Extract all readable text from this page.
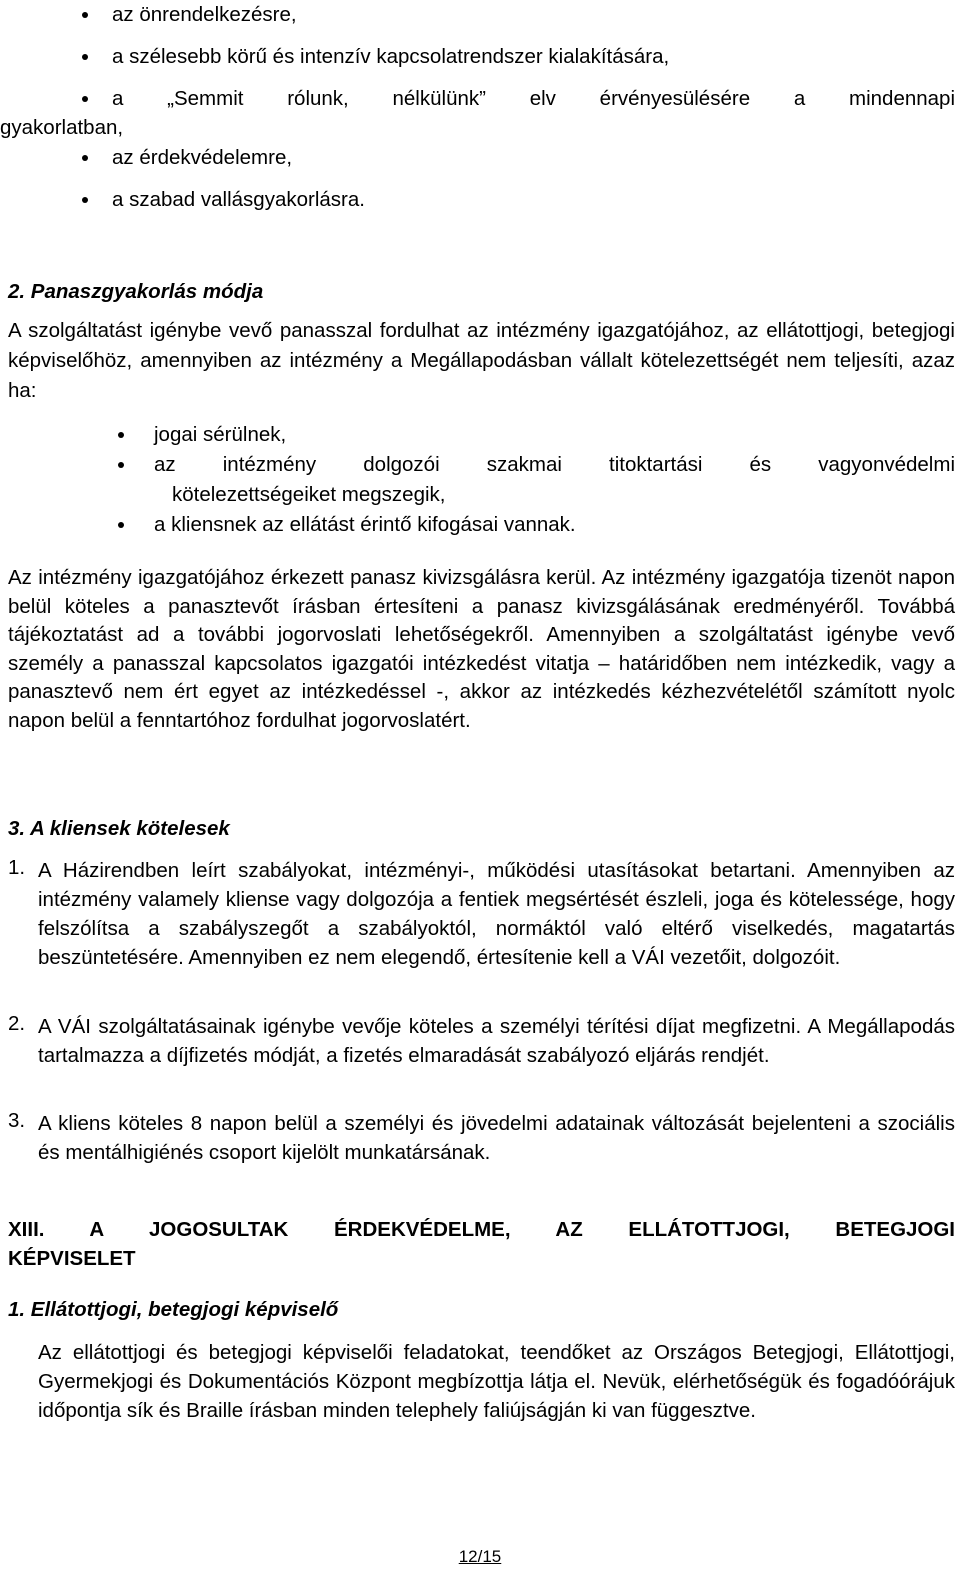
az önrendelkezésre,
a szélesebb körű és intenzív kapcsolatrendszer kialakítására,
a „Semmit rólunk, nélkülünk” elv érvényesülésére a mindennapi
gyakorlatban,
az érdekvédelemre,
a szabad vallásgyakorlásra.
2. Panaszgyakorlás módja
A szolgáltatást igénybe vevő panasszal fordulhat az intézmény igazgatójához, az ellátottjogi, betegjogi képviselőhöz, amennyiben az intézmény a Megállapodásban vállalt kötelezettségét nem teljesíti, azaz ha:
jogai sérülnek,
az intézmény dolgozói szakmai titoktartási és vagyonvédelmi
kötelezettségeiket megszegik,
a kliensnek az ellátást érintő kifogásai vannak.
Az intézmény igazgatójához érkezett panasz kivizsgálásra kerül. Az intézmény igazgatója tizenöt napon belül köteles a panasztevőt írásban értesíteni a panasz kivizsgálásának eredményéről. Továbbá tájékoztatást ad a további jogorvoslati lehetőségekről. Amennyiben a szolgáltatást igénybe vevő személy a panasszal kapcsolatos igazgatói intézkedést vitatja – határidőben nem intézkedik, vagy a panasztevő nem ért egyet az intézkedéssel -, akkor az intézkedés kézhezvételétől számított nyolc napon belül a fenntartóhoz fordulhat jogorvoslatért.
3. A kliensek kötelesek
1. A Házirendben leírt szabályokat, intézményi-, működési utasításokat betartani. Amennyiben az intézmény valamely kliense vagy dolgozója a fentiek megsértését észleli, joga és kötelessége, hogy felszólítsa a szabályszegőt a szabályoktól, normáktól való eltérő viselkedés, magatartás beszüntetésére. Amennyiben ez nem elegendő, értesítenie kell a VÁI vezetőit, dolgozóit.
2. A VÁI szolgáltatásainak igénybe vevője köteles a személyi térítési díjat megfizetni. A Megállapodás tartalmazza a díjfizetés módját, a fizetés elmaradását szabályozó eljárás rendjét.
3. A kliens köteles 8 napon belül a személyi és jövedelmi adatainak változását bejelenteni a szociális és mentálhigiénés csoport kijelölt munkatársának.
XIII. A JOGOSULTAK ÉRDEKVÉDELME, AZ ELLÁTOTTJOGI, BETEGJOGI
KÉPVISELET
1. Ellátottjogi, betegjogi képviselő
Az ellátottjogi és betegjogi képviselői feladatokat, teendőket az Országos Betegjogi, Ellátottjogi, Gyermekjogi és Dokumentációs Központ megbízottja látja el. Nevük, elérhetőségük és fogadóórájuk időpontja sík és Braille írásban minden telephely faliújságján ki van függesztve.
12/15
